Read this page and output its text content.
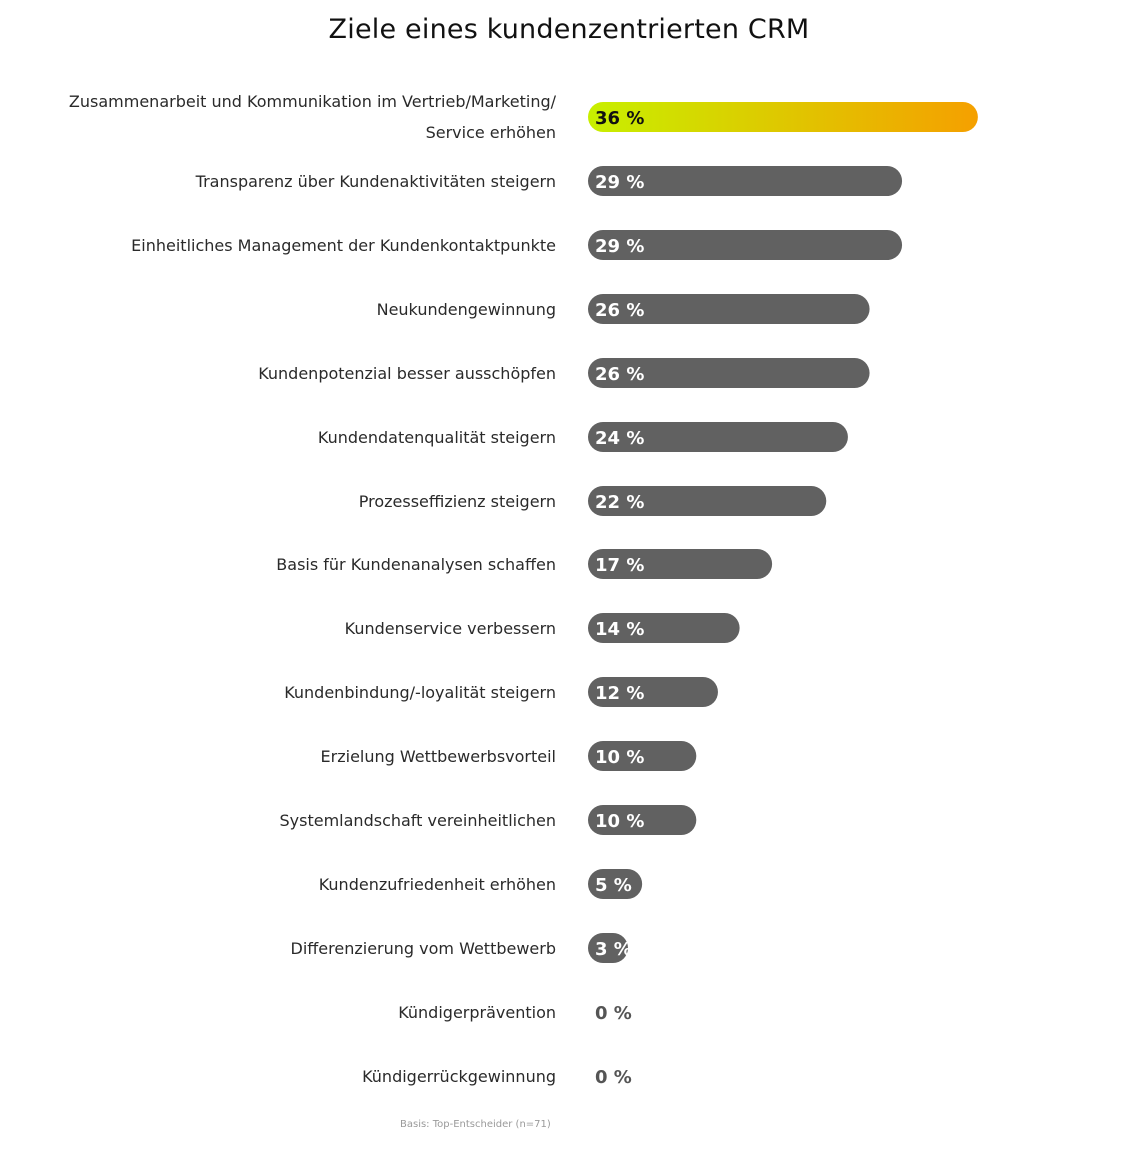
Ziele eines kundenzentrierten CRM
Zusammenarbeit und Kommunikation im Vertrieb/Marketing/ Service erhöhen
36 %
Transparenz über Kundenaktivitäten steigern 29 %
Einheitliches Management der Kundenkontaktpunkte 29 %
Neukundengewinnung 26 %
Kundenpotenzial besser ausschöpfen 26 %
Kundendatenqualität steigern 24 %
Prozesseffizienz steigern 22 %
Basis für Kundenanalysen schaffen 17 %
Kundenservice verbessern 14 %
Kundenbindung/-loyalität steigern 12 %
Erzielung Wettbewerbsvorteil 10 %
Systemlandschaft vereinheitlichen 10 %
Kundenzufriedenheit erhöhen 5 %
Differenzierung vom Wettbewerb 3 %
Kündigerprävention 0 %
Kündigerrückgewinnung 0 %

Basis: Top-Entscheider (n=71)
